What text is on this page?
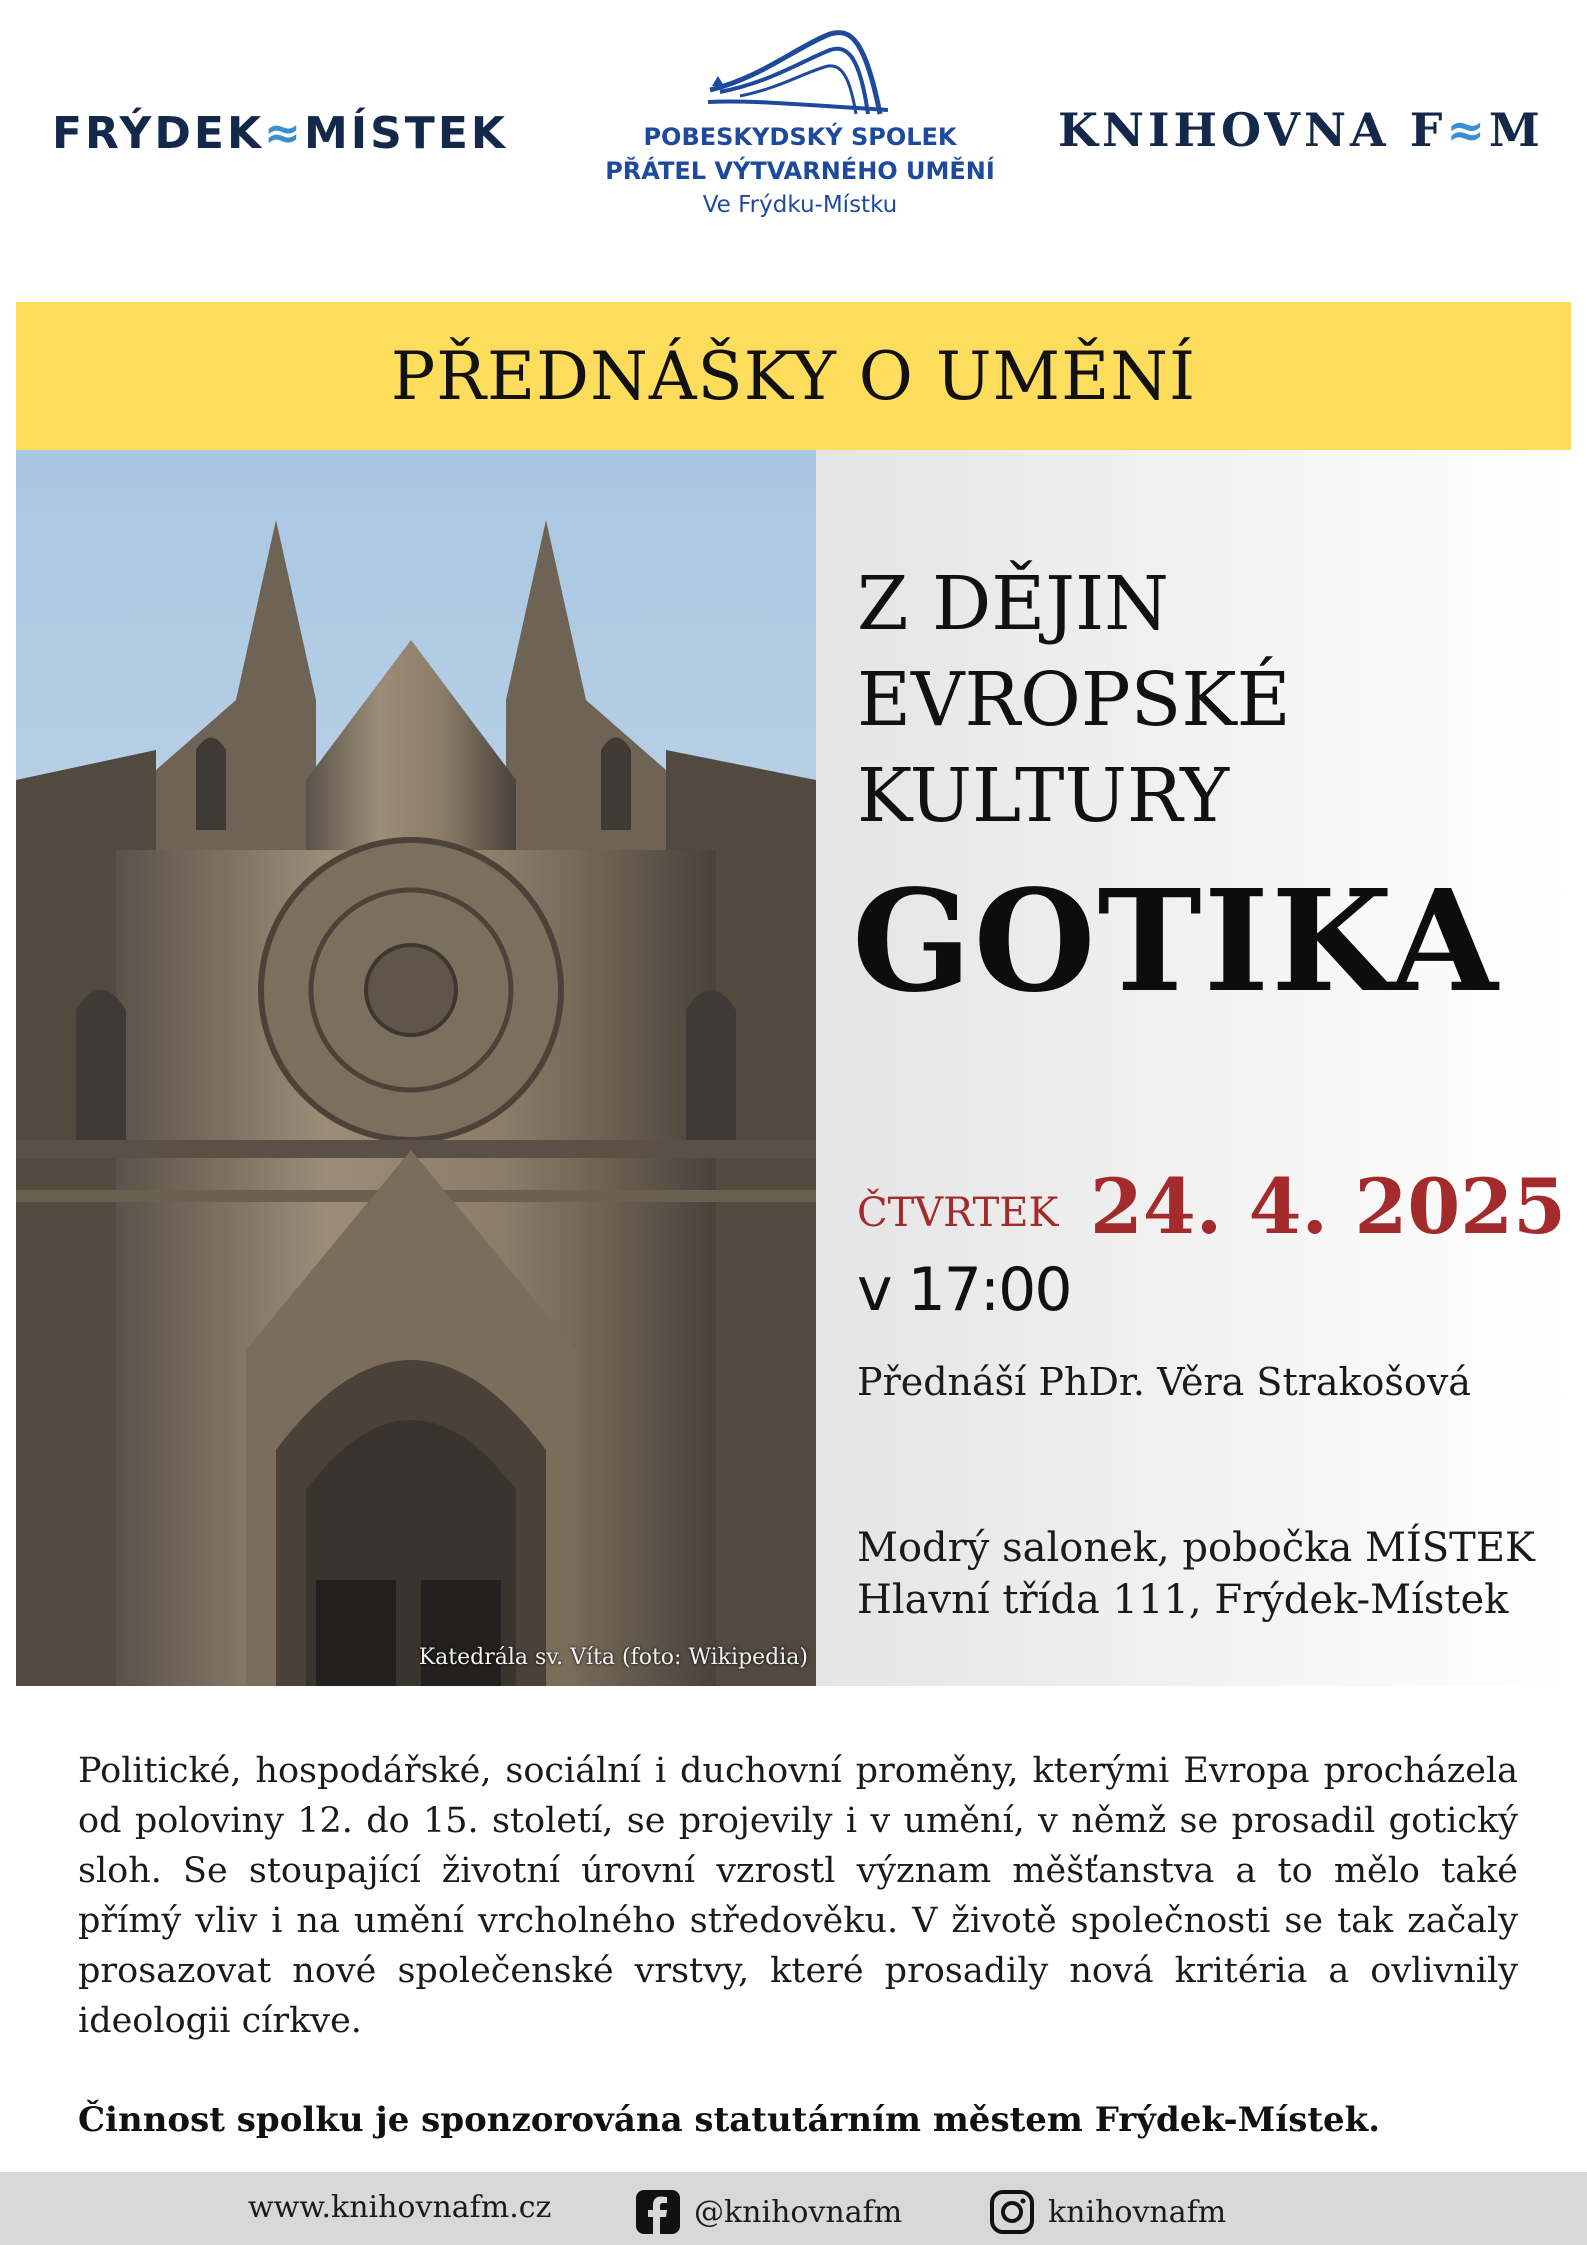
FRÝDEK≈MÍSTEK	POBESKYDSKÝ SPOLEK
PŘÁTEL VÝTVARNÉHO UMĚNÍ
Ve Frýdku-Místku
KNIHOVNA F≈M
PŘEDNÁŠKY O UMĚNÍ
Katedrála sv. Víta (foto: Wikipedia)
Z DĚJIN
EVROPSKÉ
KULTURY
GOTIKA
ČTVRTEK 24. 4. 2025
v 17:00
Přednáší PhDr. Věra Strakošová
Modrý salonek, pobočka MÍSTEK
Hlavní třída 111, Frýdek-Místek
Politické, hospodářské, sociální i duchovní proměny, kterými Evropa procházela od poloviny 12. do 15. století, se projevily i v umění, v němž se prosadil gotický sloh. Se stoupající životní úrovní vzrostl význam měšťanstva a to mělo také přímý vliv i na umění vrcholného středověku. V životě společnosti se tak začaly prosazovat nové společenské vrstvy, které prosadily nová kritéria a ovlivnily ideologii církve.
Činnost spolku je sponzorována statutárním městem Frýdek-Místek.
www.knihovnafm.cz	@knihovnafm	knihovnafm
